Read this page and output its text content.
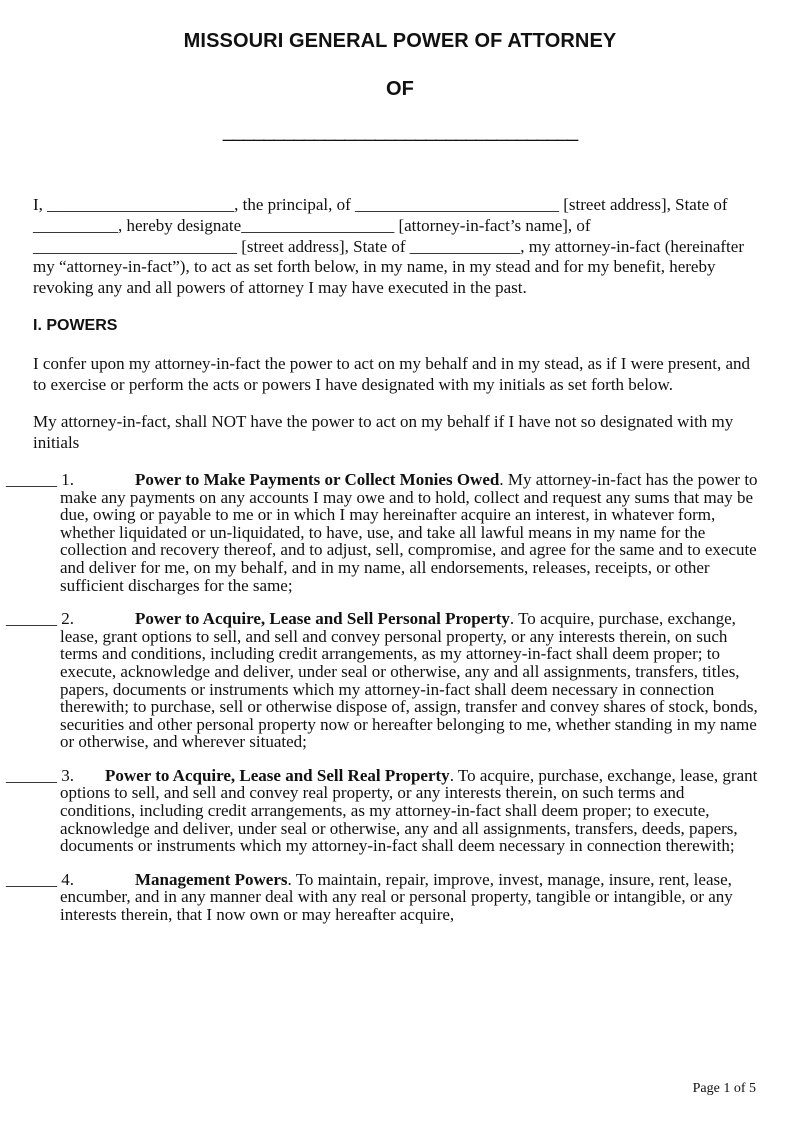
MISSOURI GENERAL POWER OF ATTORNEY
OF
___________________________________

I, ______________________, the principal, of ________________________ [street address], State of __________, hereby designate__________________ [attorney-in-fact’s name], of ________________________ [street address], State of _____________, my attorney-in-fact (hereinafter my “attorney-in-fact”), to act as set forth below, in my name, in my stead and for my benefit, hereby revoking any and all powers of attorney I may have executed in the past.

I. POWERS

I confer upon my attorney-in-fact the power to act on my behalf and in my stead, as if I were present, and to exercise or perform the acts or powers I have designated with my initials as set forth below.

My attorney-in-fact, shall NOT have the power to act on my behalf if I have not so designated with my initials

______ 1.	Power to Make Payments or Collect Monies Owed. My attorney-in-fact has the power to make any payments on any accounts I may owe and to hold, collect and request any sums that may be due, owing or payable to me or in which I may hereinafter acquire an interest, in whatever form, whether liquidated or un-liquidated, to have, use, and take all lawful means in my name for the collection and recovery thereof, and to adjust, sell, compromise, and agree for the same and to execute and deliver for me, on my behalf, and in my name, all endorsements, releases, receipts, or other sufficient discharges for the same;

______ 2.	Power to Acquire, Lease and Sell Personal Property. To acquire, purchase, exchange, lease, grant options to sell, and sell and convey personal property, or any interests therein, on such terms and conditions, including credit arrangements, as my attorney-in-fact shall deem proper; to execute, acknowledge and deliver, under seal or otherwise, any and all assignments, transfers, titles, papers, documents or instruments which my attorney-in-fact shall deem necessary in connection therewith; to purchase, sell or otherwise dispose of, assign, transfer and convey shares of stock, bonds, securities and other personal property now or hereafter belonging to me, whether standing in my name or otherwise, and wherever situated;

______ 3. Power to Acquire, Lease and Sell Real Property. To acquire, purchase, exchange, lease, grant options to sell, and sell and convey real property, or any interests therein, on such terms and conditions, including credit arrangements, as my attorney-in-fact shall deem proper; to execute, acknowledge and deliver, under seal or otherwise, any and all assignments, transfers, deeds, papers, documents or instruments which my attorney-in-fact shall deem necessary in connection therewith;

______ 4.	Management Powers. To maintain, repair, improve, invest, manage, insure, rent, lease, encumber, and in any manner deal with any real or personal property, tangible or intangible, or any interests therein, that I now own or may hereafter acquire,

Page 1 of 5
